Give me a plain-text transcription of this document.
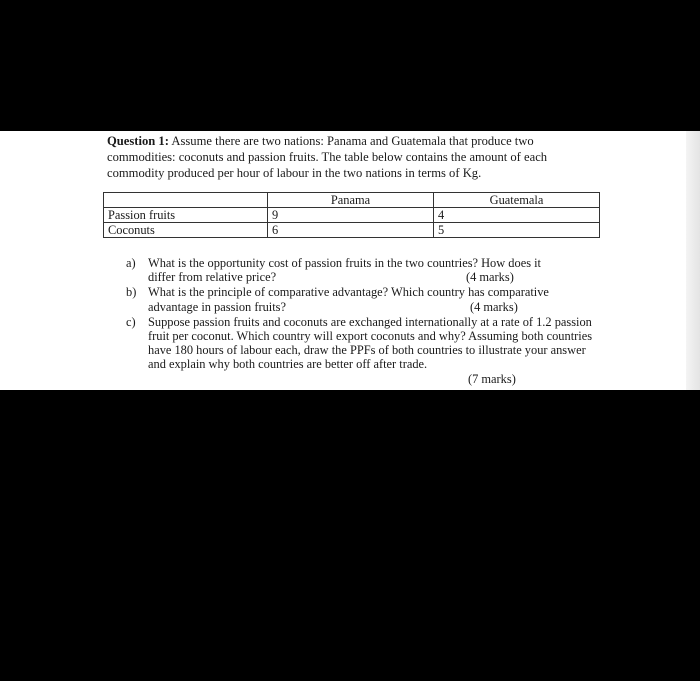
Question 1: Assume there are two nations: Panama and Guatemala that produce two commodities: coconuts and passion fruits. The table below contains the amount of each commodity produced per hour of labour in the two nations in terms of Kg.

	Panama	Guatemala
Passion fruits	9	4
Coconuts	6	5
a) What is the opportunity cost of passion fruits in the two countries? How does it
differ from relative price?	(4 marks)
b) What is the principle of comparative advantage? Which country has comparative
advantage in passion fruits?	(4 marks)
c) Suppose passion fruits and coconuts are exchanged internationally at a rate of 1.2 passion fruit per coconut. Which country will export coconuts and why? Assuming both countries have 180 hours of labour each, draw the PPFs of both countries to illustrate your answer and explain why both countries are better off after trade.
(7 marks)
